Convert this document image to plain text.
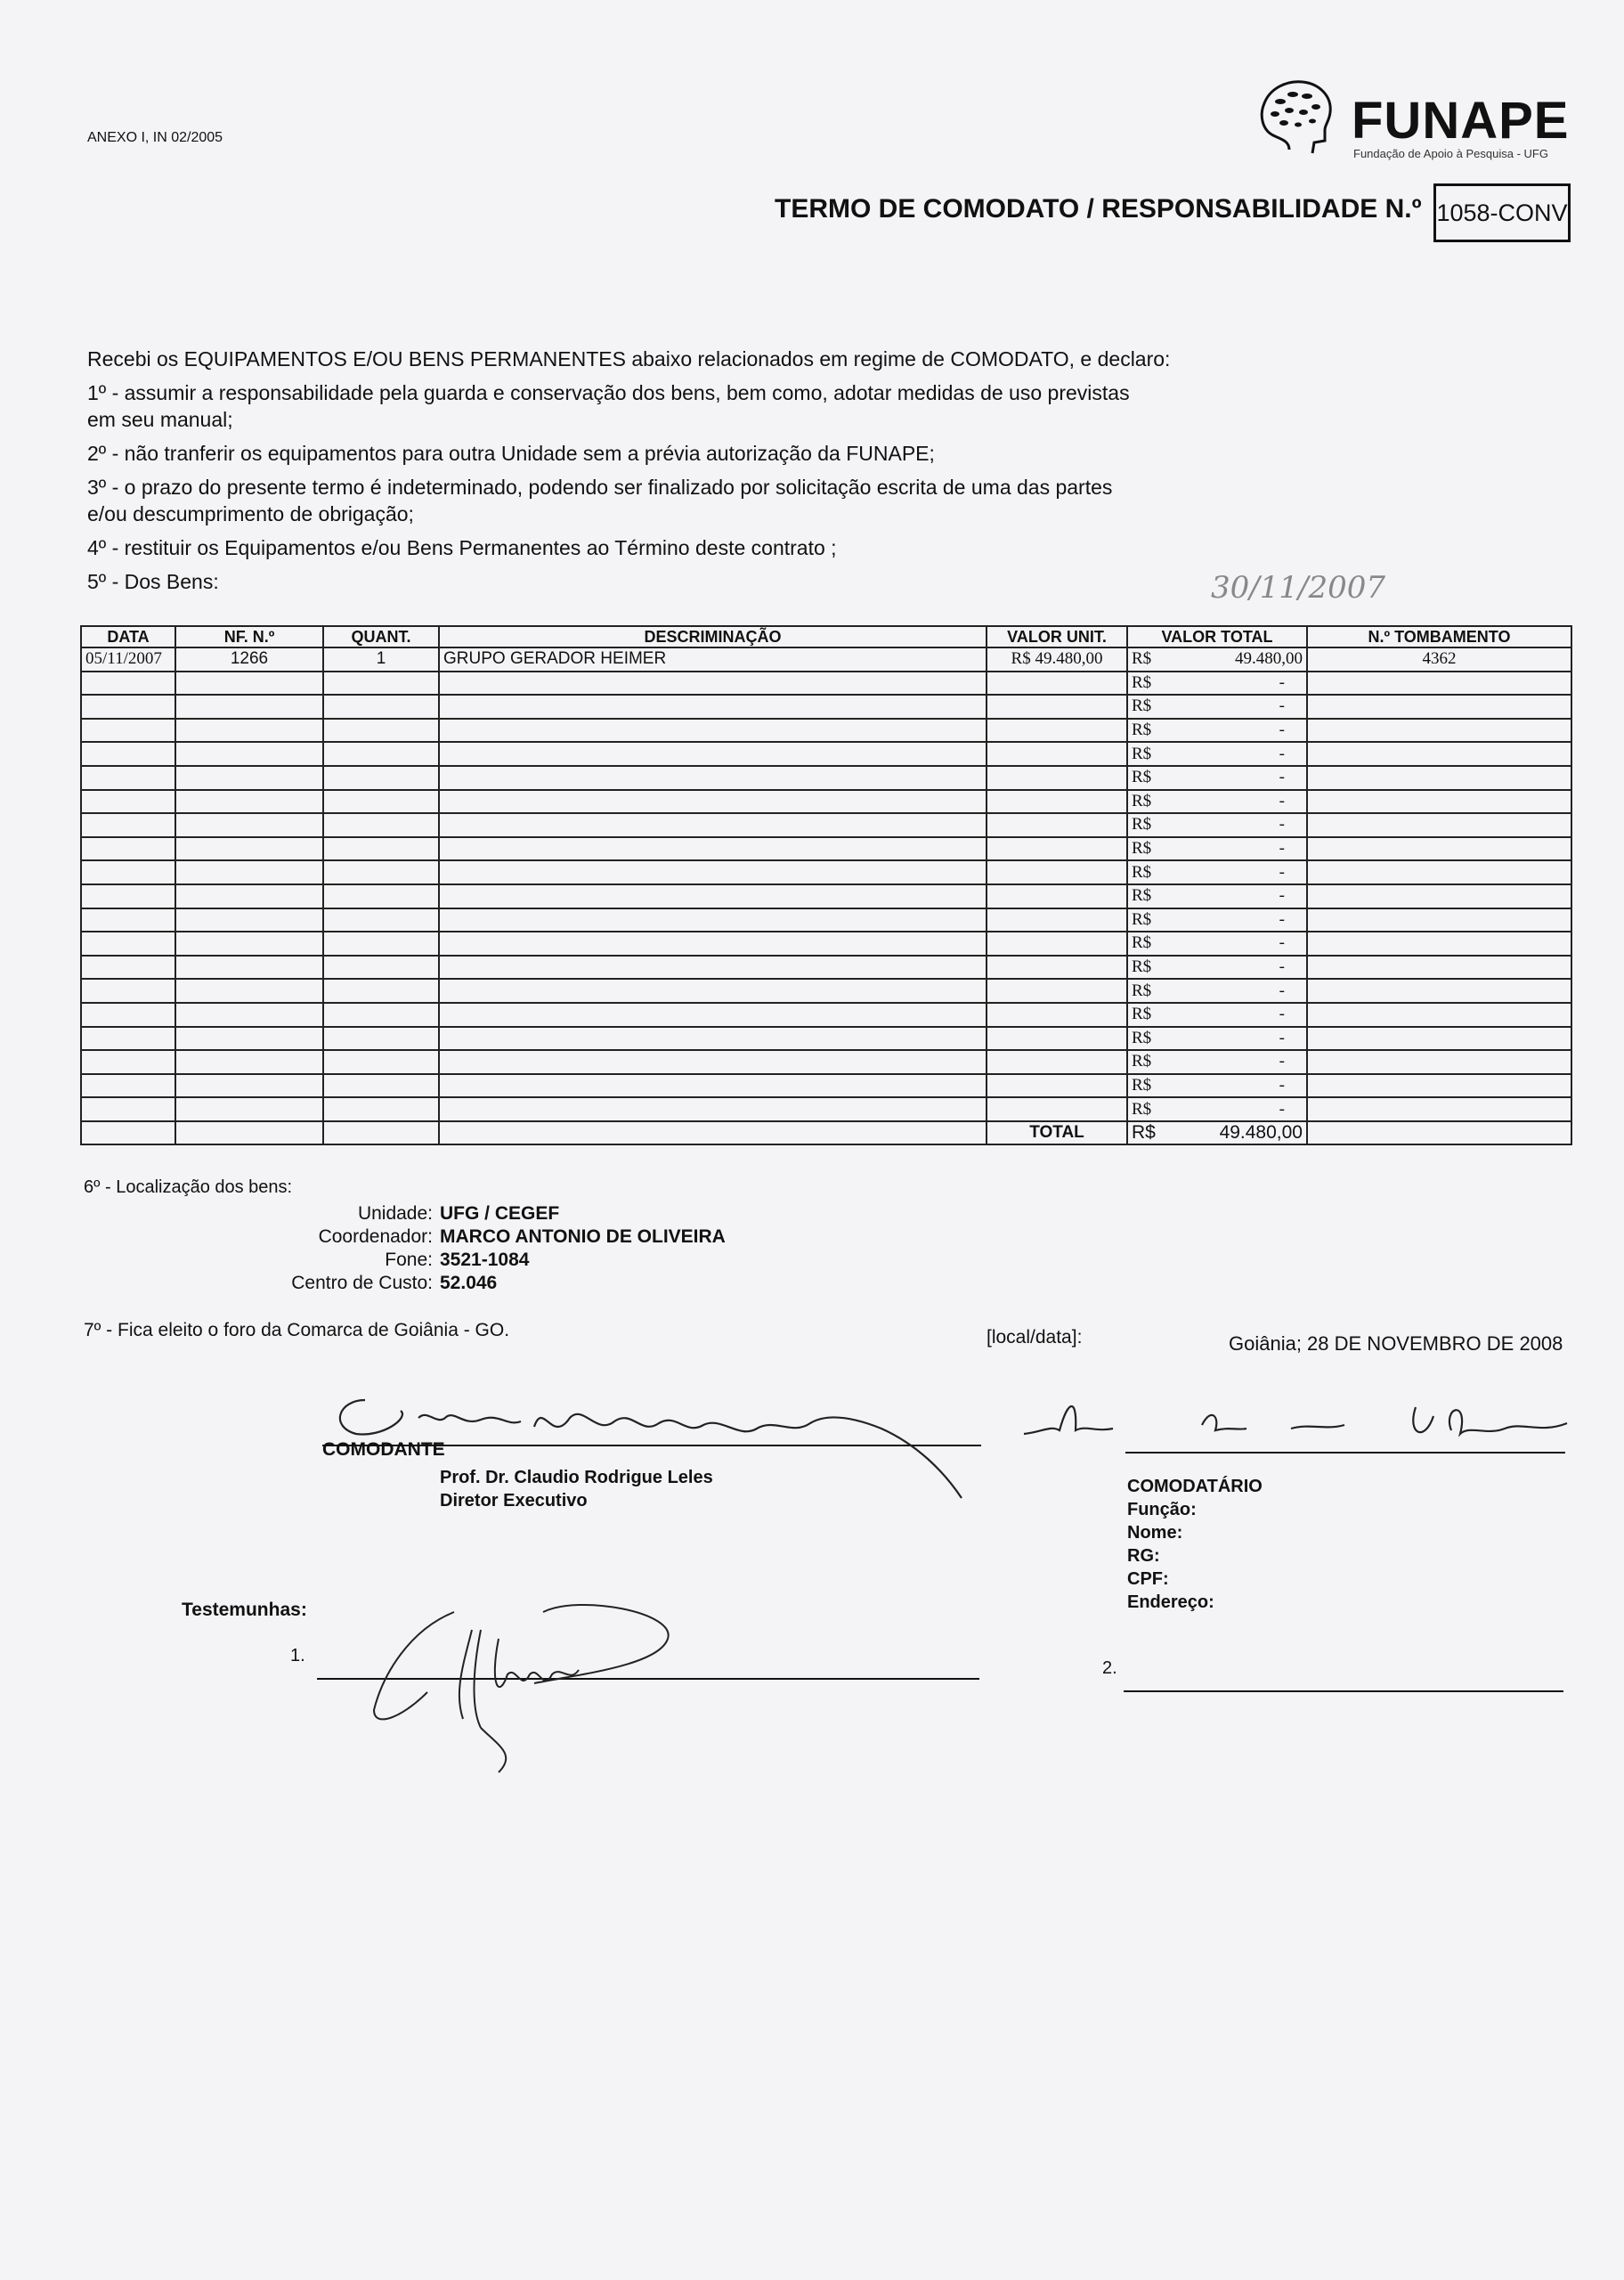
ANEXO I, IN 02/2005	FUNAPE
Fundação de Apoio à Pesquisa - UFG
TERMO DE COMODATO / RESPONSABILIDADE N.º 1058-CONV

Recebi os EQUIPAMENTOS E/OU BENS PERMANENTES abaixo relacionados em regime de COMODATO, e declaro:

1º - assumir a responsabilidade pela guarda e conservação dos bens, bem como, adotar medidas de uso previstas em seu manual;

2º - não tranferir os equipamentos para outra Unidade sem a prévia autorização da FUNAPE;

3º - o prazo do presente termo é indeterminado, podendo ser finalizado por solicitação escrita de uma das partes e/ou descumprimento de obrigação;

4º - restituir os Equipamentos e/ou Bens Permanentes ao Término deste contrato ;

5º - Dos Bens:	30/11/2007
DATA	NF. N.º	QUANT.	DESCRIMINAÇÃO	VALOR UNIT.	VALOR TOTAL	N.º TOMBAMENTO
05/11/2007	1266	1	GRUPO GERADOR HEIMER	R$ 49.480,00	R$ 49.480,00	4362

					R$ -	

					R$ -	

					R$ -	

					R$ -	

					R$ -	

					R$ -	

					R$ -	

					R$ -	

					R$ -	

					R$ -	

					R$ -	

					R$ -	

					R$ -	

					R$ -	

					R$ -	

					R$ -	

					R$ -	

					R$ -	

					R$ -	

				TOTAL	R$ 49.480,00	

6º - Localização dos bens:
Unidade: UFG / CEGEF
Coordenador: MARCO ANTONIO DE OLIVEIRA
Fone: 3521-1084
Centro de Custo: 52.046
7º - Fica eleito o foro da Comarca de Goiânia - GO.	[local/data]:	Goiânia; 28 DE NOVEMBRO DE 2008
COMODANTE
Prof. Dr. Claudio Rodrigue Leles
Diretor Executivo
COMODATÁRIO
Função:
Nome:
RG:
CPF:
Endereço:
Testemunhas:
1.
2.
